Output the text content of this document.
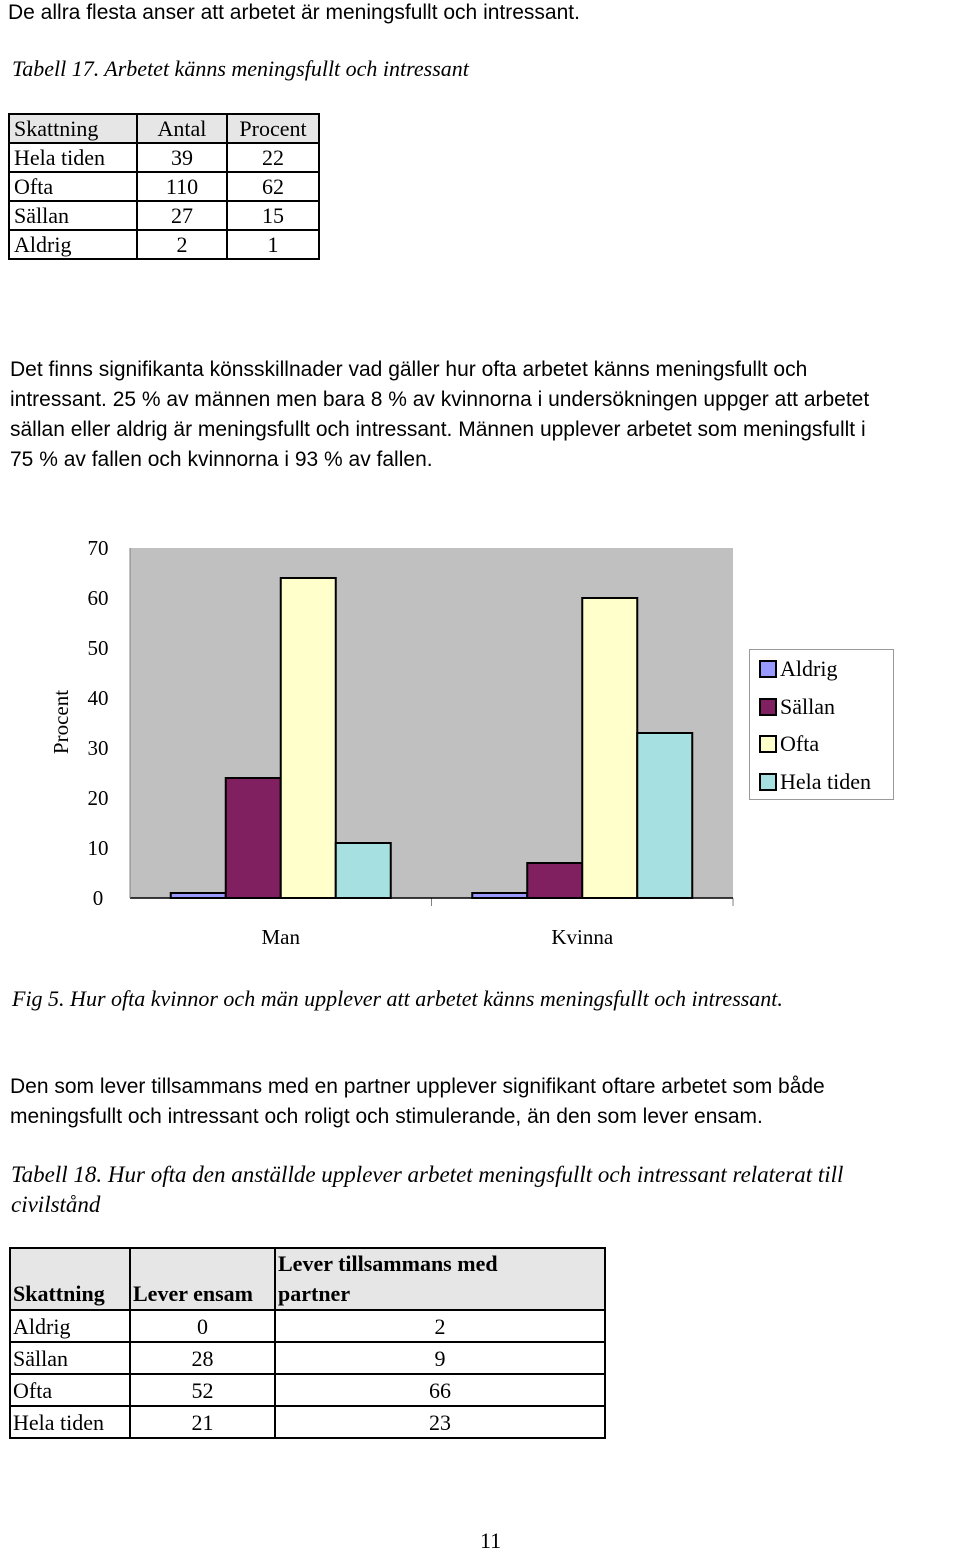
De allra flesta anser att arbetet är meningsfullt och intressant.
Tabell 17. Arbetet känns meningsfullt och intressant
Skattning	Antal	Procent
Hela tiden	39	22
Ofta	110	62
Sällan	27	15
Aldrig	2	1
Det finns signifikanta könsskillnader vad gäller hur ofta arbetet känns meningsfullt och
intressant. 25 % av männen men bara 8 % av kvinnorna i undersökningen uppger att arbetet
sällan eller aldrig är meningsfullt och intressant. Männen upplever arbetet som meningsfullt i
75 % av fallen och kvinnorna i 93 % av fallen.
0
10
20
30
40
50
60
70
Man	Kvinna
Procent
Aldrig
Sällan
Ofta
Hela tiden
Fig 5. Hur ofta kvinnor och män upplever att arbetet känns meningsfullt och intressant.
Den som lever tillsammans med en partner upplever signifikant oftare arbetet som både
meningsfullt och intressant och roligt och stimulerande, än den som lever ensam.
Tabell 18. Hur ofta den anställde upplever arbetet meningsfullt och intressant relaterat till
civilstånd
Skattning	Lever ensam	Lever tillsammans med
partner

Aldrig	0	2
Sällan	28	9
Ofta	52	66
Hela tiden	21	23
11
